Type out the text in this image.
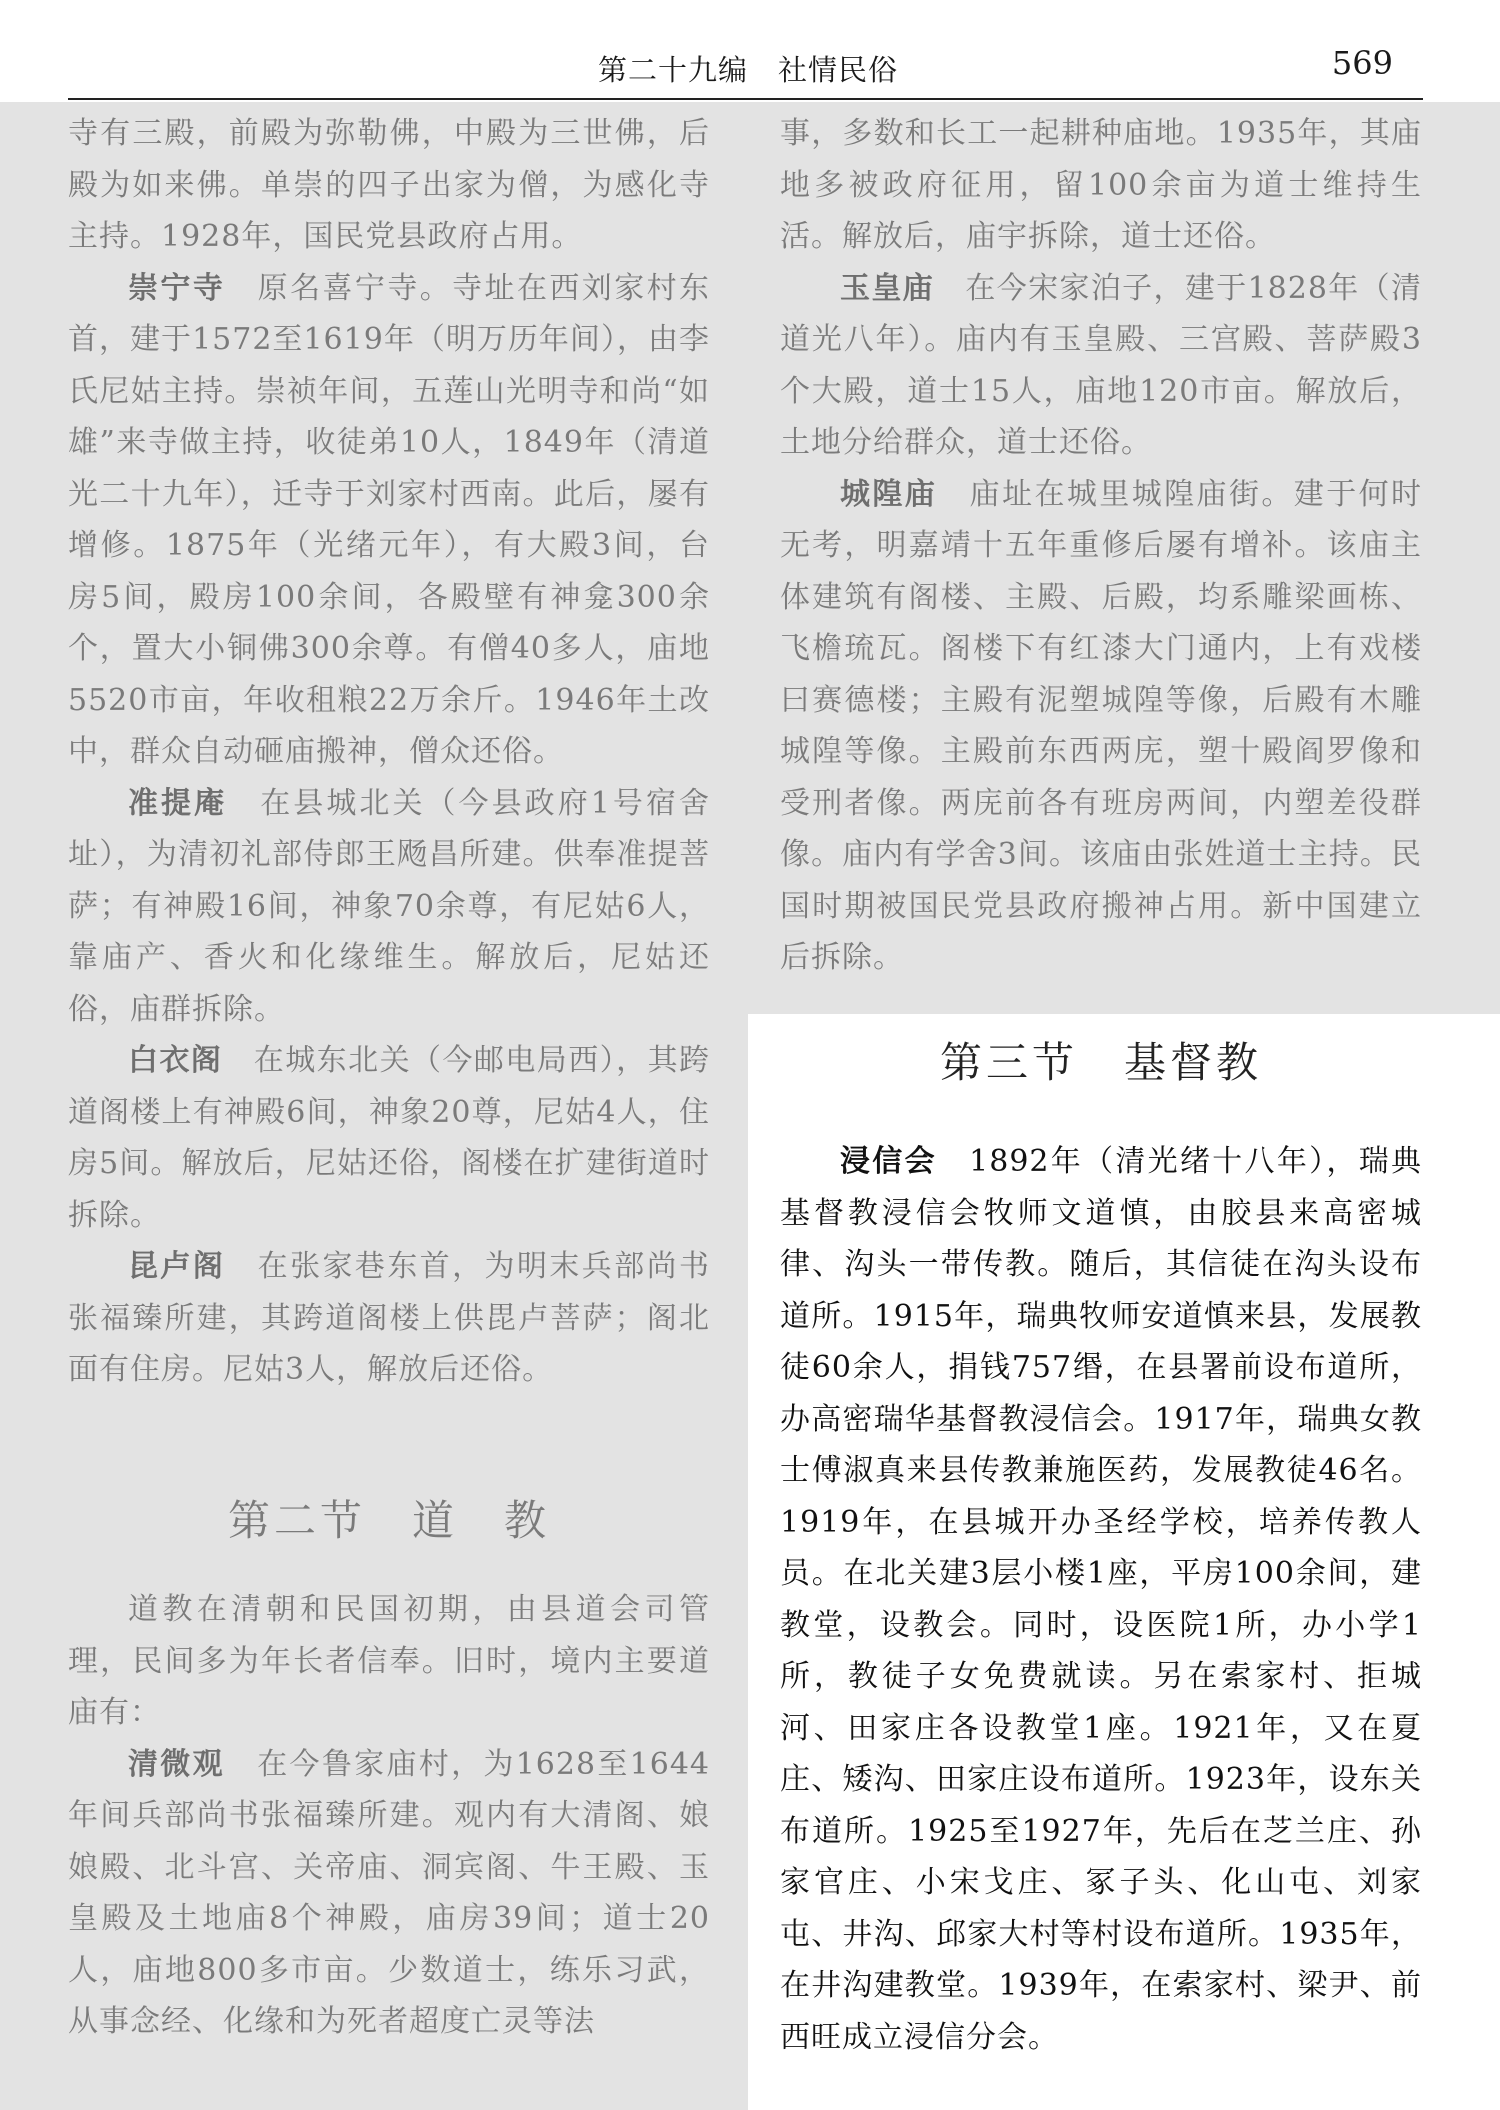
第二十九编　社情民俗	569

寺有三殿，前殿为弥勒佛，中殿为三世佛，后殿为如来佛。单崇的四子出家为僧，为感化寺主持。1928年，国民党县政府占用。

崇宁寺　 原名喜宁寺。寺址在西刘家村东首，建于1572至1619年（明万历年间），由李氏尼姑主持。崇祯年间，五莲山光明寺和尚“如雄”来寺做主持，收徒弟10人，1849年（清道光二十九年），迁寺于刘家村西南。此后，屡有增修。1875年（光绪元年），有大殿3间，台房5间，殿房100余间，各殿壁有神龛300余个，置大小铜佛300余尊。有僧40多人，庙地5520市亩，年收租粮22万余斤。1946年土改中，群众自动砸庙搬神，僧众还俗。

准提庵　 在县城北关（今县政府1号宿舍址），为清初礼部侍郎王飏昌所建。供奉准提菩萨；有神殿16间，神象70余尊，有尼姑6人，靠庙产、香火和化缘维生。解放后，尼姑还俗，庙群拆除。

白衣阁　 在城东北关（今邮电局西），其跨道阁楼上有神殿6间，神象20尊，尼姑4人，住房5间。解放后，尼姑还俗，阁楼在扩建街道时拆除。

昆卢阁　 在张家巷东首，为明末兵部尚书张福臻所建，其跨道阁楼上供毘卢菩萨；阁北面有住房。尼姑3人，解放后还俗。

第二节　道　教

道教在清朝和民国初期，由县道会司管理，民间多为年长者信奉。旧时，境内主要道庙有：

清微观　 在今鲁家庙村，为1628至1644年间兵部尚书张福臻所建。观内有大清阁、娘娘殿、北斗宫、关帝庙、洞宾阁、牛王殿、玉皇殿及土地庙8个神殿，庙房39间；道士20人，庙地800多市亩。少数道士，练乐习武，从事念经、化缘和为死者超度亡灵等法

事，多数和长工一起耕种庙地。1935年，其庙地多被政府征用，留100余亩为道士维持生活。解放后，庙宇拆除，道士还俗。

玉皇庙　 在今宋家泊子，建于1828年（清道光八年）。庙内有玉皇殿、三宫殿、菩萨殿3个大殿，道士15人，庙地120市亩。解放后，土地分给群众，道士还俗。

城隍庙　 庙址在城里城隍庙街。建于何时无考，明嘉靖十五年重修后屡有增补。该庙主体建筑有阁楼、主殿、后殿，均系雕梁画栋、飞檐琉瓦。阁楼下有红漆大门通内，上有戏楼曰赛德楼；主殿有泥塑城隍等像，后殿有木雕城隍等像。主殿前东西两庑，塑十殿阎罗像和受刑者像。两庑前各有班房两间，内塑差役群像。庙内有学舍3间。该庙由张姓道士主持。民国时期被国民党县政府搬神占用。新中国建立后拆除。

第三节　基督教

浸信会　 1892年（清光绪十八年），瑞典基督教浸信会牧师文道慎，由胶县来高密城律、沟头一带传教。随后，其信徒在沟头设布道所。1915年，瑞典牧师安道慎来县，发展教徒60余人，捐钱757缗，在县署前设布道所，办高密瑞华基督教浸信会。1917年，瑞典女教士傅淑真来县传教兼施医药，发展教徒46名。1919年，在县城开办圣经学校，培养传教人员。在北关建3层小楼1座，平房100余间，建教堂，设教会。同时，设医院1所，办小学1所，教徒子女免费就读。另在索家村、拒城河、田家庄各设教堂1座。1921年，又在夏庄、矮沟、田家庄设布道所。1923年，设东关布道所。1925至1927年，先后在芝兰庄、孙家官庄、小宋戈庄、冢子头、化山屯、刘家屯、井沟、邱家大村等村设布道所。1935年，在井沟建教堂。1939年，在索家村、梁尹、前西旺成立浸信分会。
